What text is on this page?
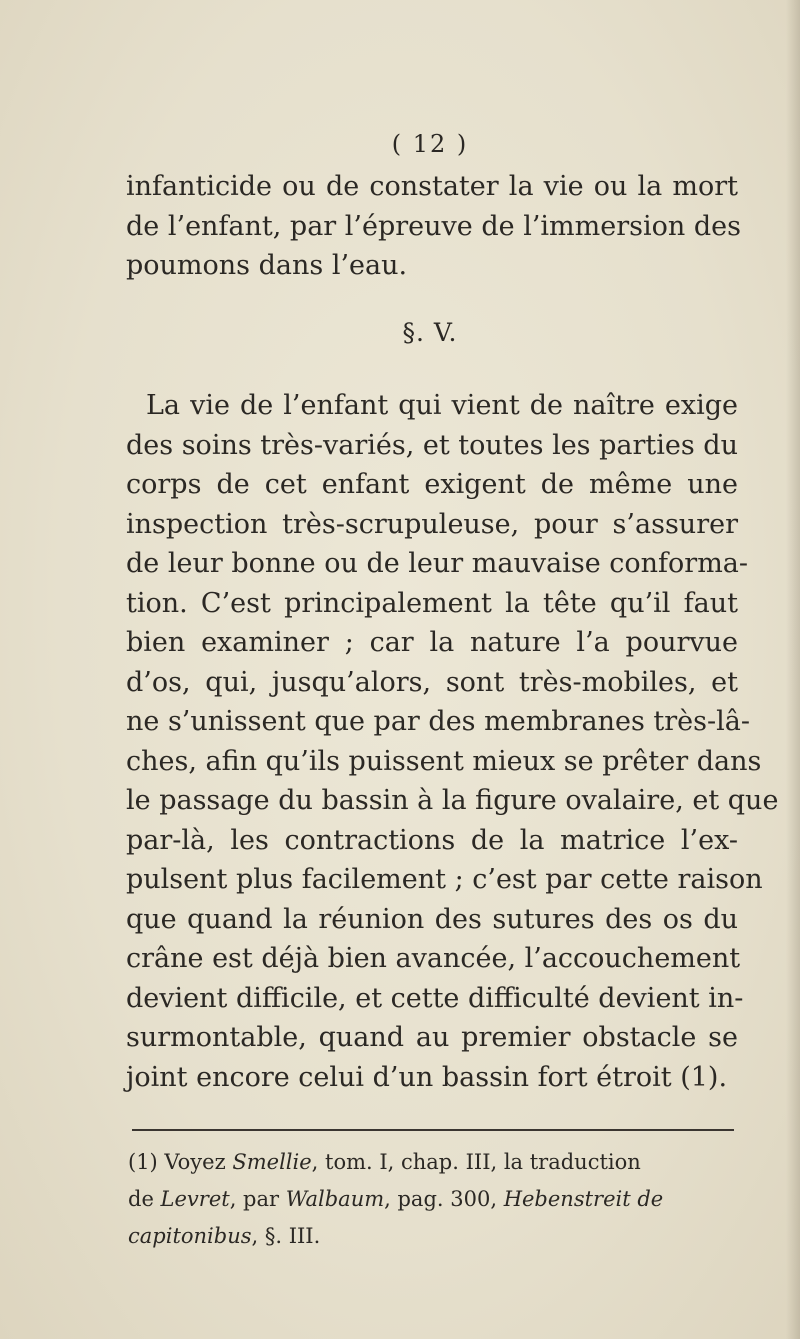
( 12 )
infanticide ou de constater la vie ou la mort
de l’enfant, par l’épreuve de l’immersion des
poumons dans l’eau.
§. V.
La vie de l’enfant qui vient de naître exige
des soins très-variés, et toutes les parties du
corps de cet enfant exigent de même une
inspection très-scrupuleuse, pour s’assurer
de leur bonne ou de leur mauvaise conforma-
tion. C’est principalement la tête qu’il faut
bien examiner ; car la nature l’a pourvue
d’os, qui, jusqu’alors, sont très-mobiles, et
ne s’unissent que par des membranes très-lâ-
ches, afin qu’ils puissent mieux se prêter dans
le passage du bassin à la figure ovalaire, et que
par-là, les contractions de la matrice l’ex-
pulsent plus facilement ; c’est par cette raison
que quand la réunion des sutures des os du
crâne est déjà bien avancée, l’accouchement
devient difficile, et cette difficulté devient in-
surmontable, quand au premier obstacle se
joint encore celui d’un bassin fort étroit (1).
(1) Voyez Smellie, tom. I, chap. III, la traduction
de Levret, par Walbaum, pag. 300, Hebenstreit de
capitonibus, §. III.
